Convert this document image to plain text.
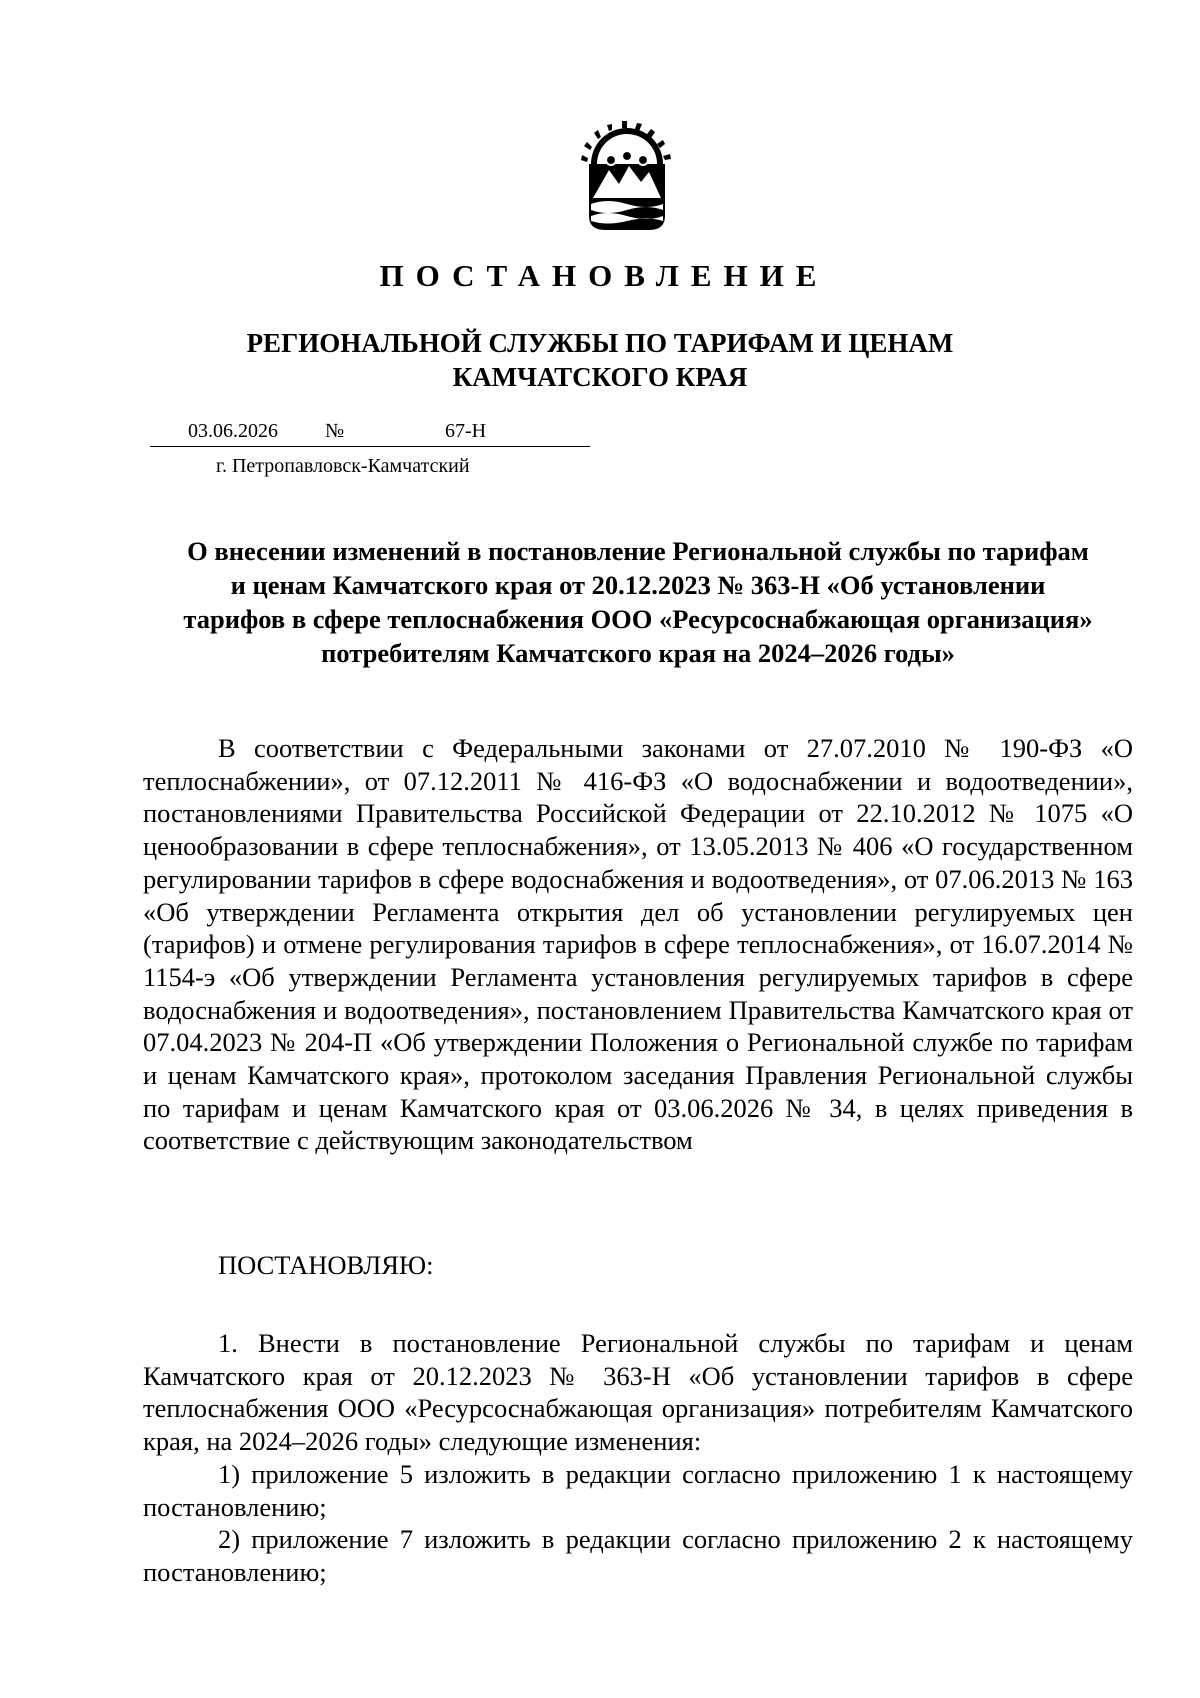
ПОСТАНОВЛЕНИЕ
РЕГИОНАЛЬНОЙ СЛУЖБЫ ПО ТАРИФАМ И ЦЕНАМ
КАМЧАТСКОГО КРАЯ
03.06.2026 №	67-Н
г. Петропавловск-Камчатский
О внесении изменений в постановление Региональной службы по тарифам
и ценам Камчатского края от 20.12.2023 № 363-Н «Об установлении
тарифов в сфере теплоснабжения ООО «Ресурсоснабжающая организация»
потребителям Камчатского края на 2024–2026 годы»

В соответствии с Федеральными законами от 27.07.2010 № 190-ФЗ «О теплоснабжении», от 07.12.2011 № 416-ФЗ «О водоснабжении и водоотведении», постановлениями Правительства Российской Федерации от 22.10.2012 № 1075 «О ценообразовании в сфере теплоснабжения», от 13.05.2013 № 406 «О государственном регулировании тарифов в сфере водоснабжения и водоотведения», от 07.06.2013 № 163 «Об утверждении Регламента открытия дел об установлении регулируемых цен (тарифов) и отмене регулирования тарифов в сфере теплоснабжения», от 16.07.2014 № 1154-э «Об утверждении Регламента установления регулируемых тарифов в сфере водоснабжения и водоотведения», постановлением Правительства Камчатского края от 07.04.2023 № 204-П «Об утверждении Положения о Региональной службе по тарифам и ценам Камчатского края», протоколом заседания Правления Региональной службы по тарифам и ценам Камчатского края от 03.06.2026 № 34, в целях приведения в соответствие с действующим законодательством

ПОСТАНОВЛЯЮ:

1. Внести в постановление Региональной службы по тарифам и ценам Камчатского края от 20.12.2023 № 363-Н «Об установлении тарифов в сфере теплоснабжения ООО «Ресурсоснабжающая организация» потребителям Камчатского края, на 2024–2026 годы» следующие изменения:

1) приложение 5 изложить в редакции согласно приложению 1 к настоящему постановлению;

2) приложение 7 изложить в редакции согласно приложению 2 к настоящему постановлению;
